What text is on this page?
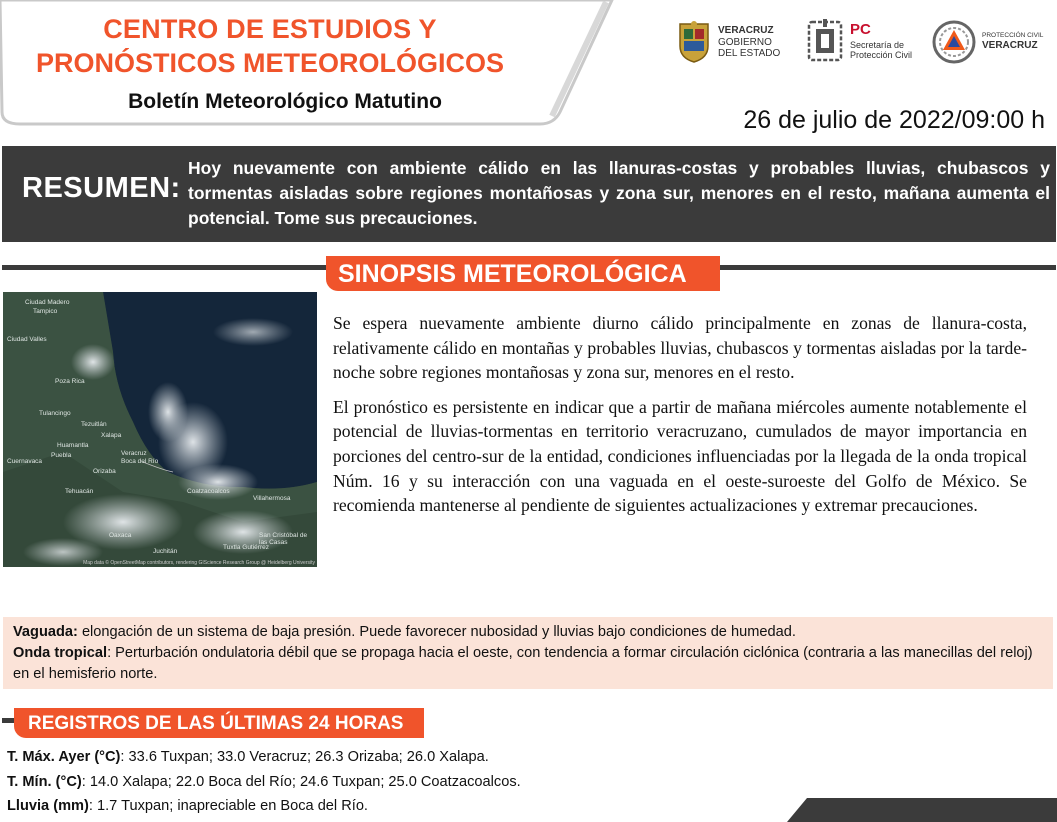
CENTRO DE ESTUDIOS Y
PRONÓSTICOS METEOROLÓGICOS
Boletín Meteorológico Matutino
26 de julio de 2022/09:00 h
VERACRUZ
GOBIERNO
DEL ESTADO
PC
Secretaría de
Protección Civil
PROTECCIÓN CIVIL
VERACRUZ
RESUMEN:
Hoy nuevamente con ambiente cálido en las llanuras-costas y probables lluvias, chubascos y tormentas aisladas sobre regiones montañosas y zona sur, menores en el resto, mañana aumenta el potencial. Tome sus precauciones.
SINOPSIS METEOROLÓGICA
Ciudad Madero
Tampico
Ciudad Valles
Poza Rica
Tulancingo
Tezuitlán
Xalapa
Huamantla
Puebla
Cuernavaca
Veracruz
Boca del Río
Tehuacán
Orizaba
Coatzacoalcos
Villahermosa
Oaxaca
Juchitán
Tuxtla Gutiérrez
San Cristóbal de las Casas
Map data © OpenStreetMap contributors, rendering GIScience Research Group @ Heidelberg University

Se espera nuevamente ambiente diurno cálido principalmente en zonas de llanura-costa, relativamente cálido en montañas y probables lluvias, chubascos y tormentas aisladas por la tarde-noche sobre regiones montañosas y zona sur, menores en el resto.

El pronóstico es persistente en indicar que a partir de mañana miércoles aumente notablemente el potencial de lluvias-tormentas en territorio veracruzano, cumulados de mayor importancia en porciones del centro-sur de la entidad, condiciones influenciadas por la llegada de la onda tropical Núm. 16 y su interacción con una vaguada en el oeste-suroeste del Golfo de México. Se recomienda mantenerse al pendiente de siguientes actualizaciones y extremar precauciones.

Vaguada: elongación de un sistema de baja presión. Puede favorecer nubosidad y lluvias bajo condiciones de humedad.
Onda tropical: Perturbación ondulatoria débil que se propaga hacia el oeste, con tendencia a formar circulación ciclónica (contraria a las manecillas del reloj) en el hemisferio norte.
REGISTROS DE LAS ÚLTIMAS 24 HORAS
T. Máx. Ayer (°C): 33.6 Tuxpan; 33.0 Veracruz; 26.3 Orizaba; 26.0 Xalapa.
T. Mín. (°C): 14.0 Xalapa; 22.0 Boca del Río; 24.6 Tuxpan; 25.0 Coatzacoalcos.
Lluvia (mm): 1.7 Tuxpan; inapreciable en Boca del Río.
